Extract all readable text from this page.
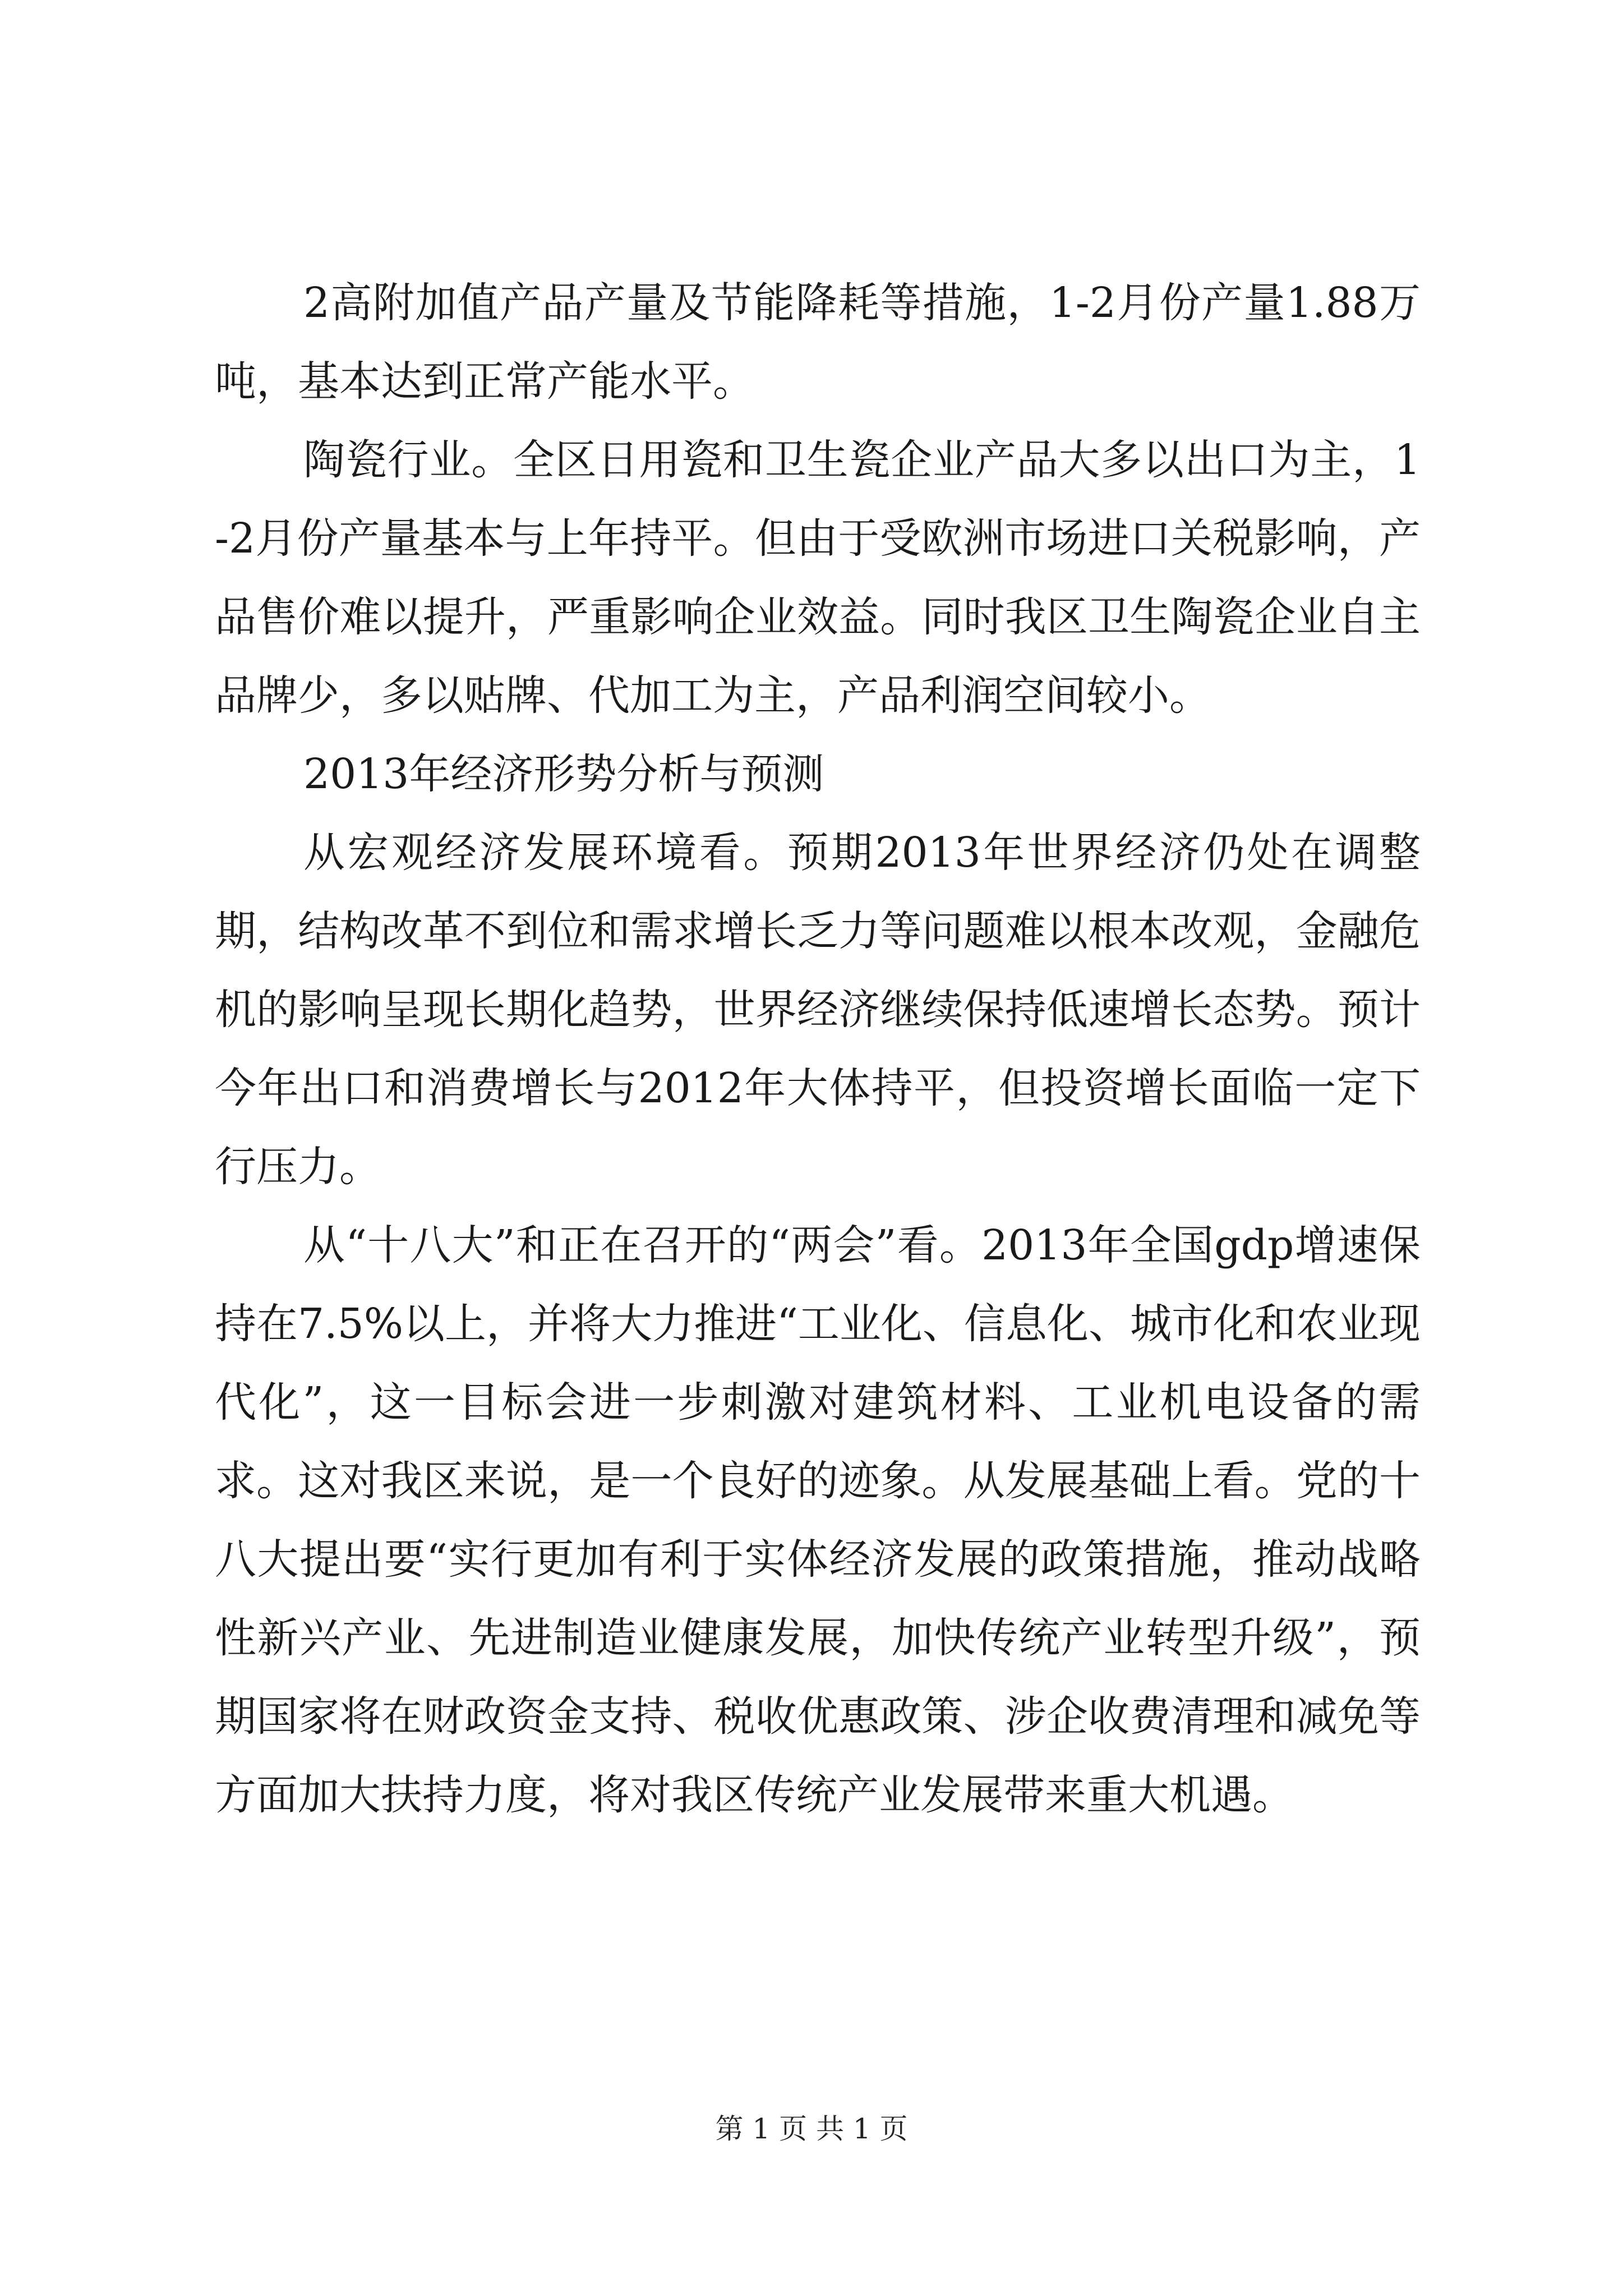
2高附加值产品产量及节能降耗等措施，1-2月份产量1.88万吨，基本达到正常产能水平。

陶瓷行业。全区日用瓷和卫生瓷企业产品大多以出口为主，1-2月份产量基本与上年持平。但由于受欧洲市场进口关税影响，产品售价难以提升，严重影响企业效益。同时我区卫生陶瓷企业自主品牌少，多以贴牌、代加工为主，产品利润空间较小。

2013年经济形势分析与预测

从宏观经济发展环境看。预期2013年世界经济仍处在调整期，结构改革不到位和需求增长乏力等问题难以根本改观，金融危机的影响呈现长期化趋势，世界经济继续保持低速增长态势。预计今年出口和消费增长与2012年大体持平，但投资增长面临一定下行压力。

从“十八大”和正在召开的“两会”看。2013年全国gdp增速保持在7.5%以上，并将大力推进“工业化、信息化、城市化和农业现代化”，这一目标会进一步刺激对建筑材料、工业机电设备的需求。这对我区来说，是一个良好的迹象。从发展基础上看。党的十八大提出要“实行更加有利于实体经济发展的政策措施，推动战略性新兴产业、先进制造业健康发展，加快传统产业转型升级”，预期国家将在财政资金支持、税收优惠政策、涉企收费清理和减免等方面加大扶持力度，将对我区传统产业发展带来重大机遇。

第 1 页 共 1 页
